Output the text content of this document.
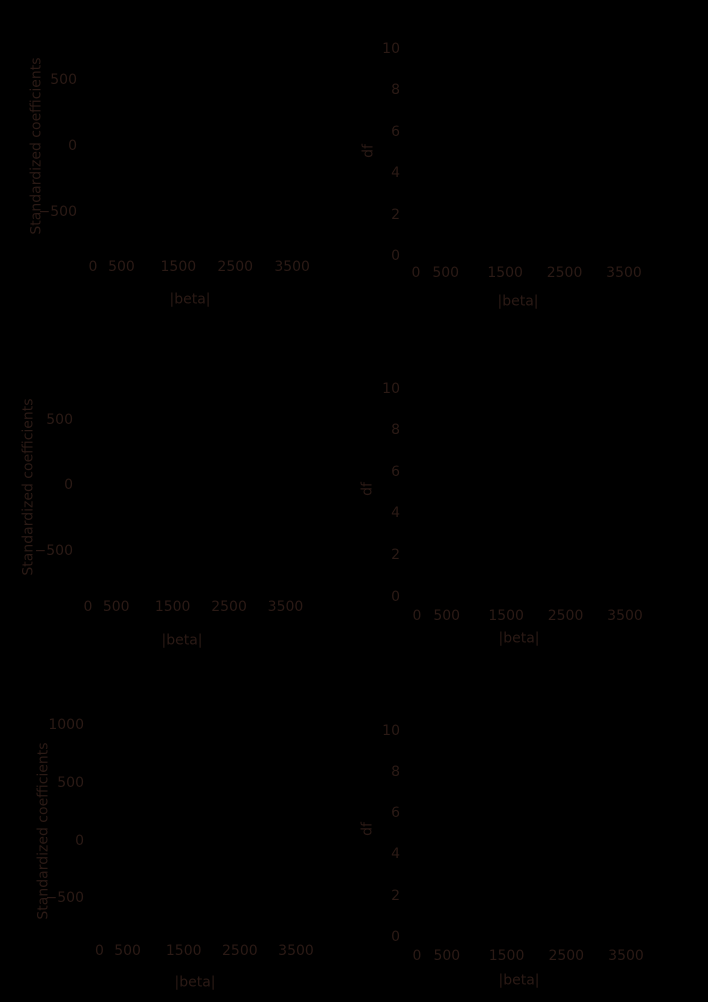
Standardized coefficients
|beta|
500
0
−500
0 500 1500 2500 3500
df
|beta|
10
8
6
4
2
0
0 500 1500 2500 3500
Standardized coefficients
|beta|
500
0
−500
0 500 1500 2500 3500
df
|beta|
10
8
6
4
2
0
0 500 1500 2500 3500
Standardized coefficients
|beta|
1000
500
0
−500
0 500 1500 2500 3500
df
|beta|
10
8
6
4
2
0
0 500 1500 2500 3500
